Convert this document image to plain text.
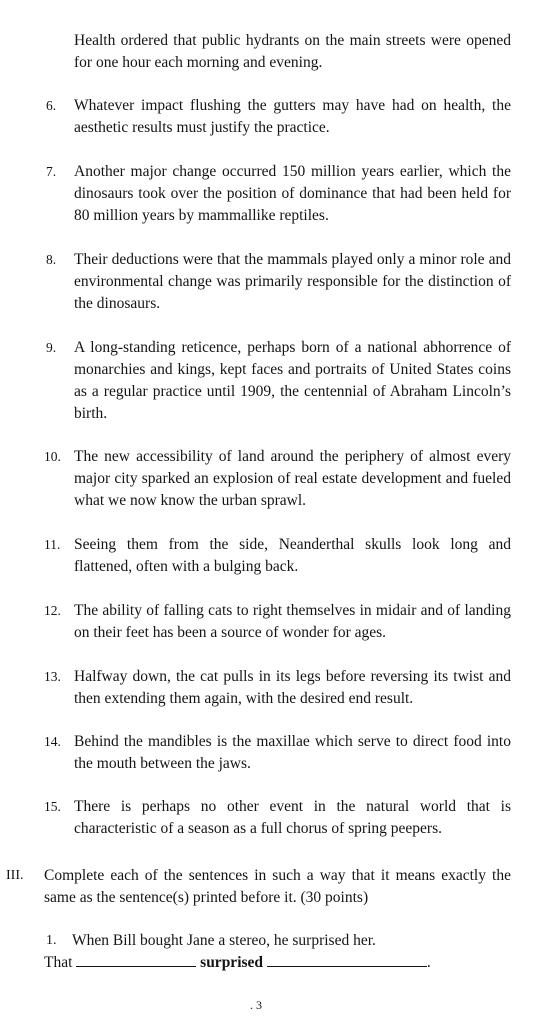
Health ordered that public hydrants on the main streets were opened for one hour each morning and evening.
6. Whatever impact flushing the gutters may have had on health, the aesthetic results must justify the practice.
7. Another major change occurred 150 million years earlier, which the dinosaurs took over the position of dominance that had been held for 80 million years by mammallike reptiles.
8. Their deductions were that the mammals played only a minor role and environmental change was primarily responsible for the distinction of the dinosaurs.
9. A long-standing reticence, perhaps born of a national abhorrence of monarchies and kings, kept faces and portraits of United States coins as a regular practice until 1909, the centennial of Abraham Lincoln’s birth.
10. The new accessibility of land around the periphery of almost every major city sparked an explosion of real estate development and fueled what we now know the urban sprawl.
11. Seeing them from the side, Neanderthal skulls look long and flattened, often with a bulging back.
12. The ability of falling cats to right themselves in midair and of landing on their feet has been a source of wonder for ages.
13. Halfway down, the cat pulls in its legs before reversing its twist and then extending them again, with the desired end result.
14. Behind the mandibles is the maxillae which serve to direct food into the mouth between the jaws.
15. There is perhaps no other event in the natural world that is characteristic of a season as a full chorus of spring peepers.
III. Complete each of the sentences in such a way that it means exactly the same as the sentence(s) printed before it. (30 points)
1. When Bill bought Jane a stereo, he surprised her.
That	surprised	.
. 3
